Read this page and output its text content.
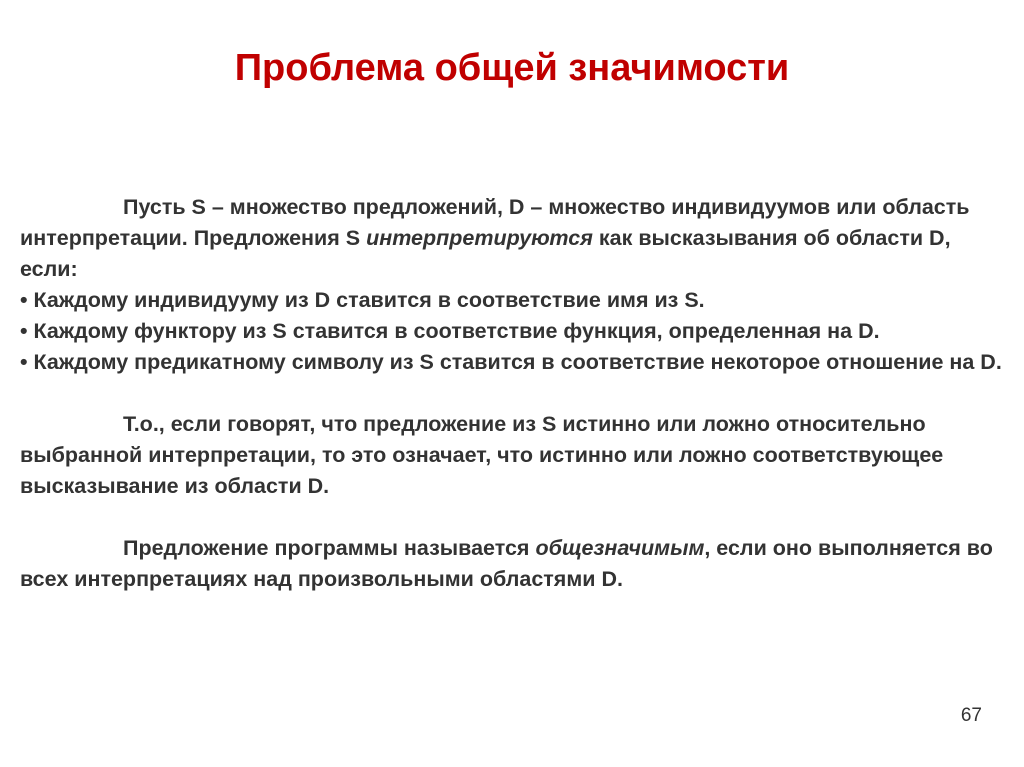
Проблема общей значимости

Пусть S – множество предложений, D – множество индивидуумов или область интерпретации. Предложения S интерпретируются как высказывания об области D, если:

• Каждому индивидууму из D ставится в соответствие имя из S.

• Каждому функтору из S ставится в соответствие функция, определенная на D.

• Каждому предикатному символу из S ставится в соответствие некоторое отношение на D.

Т.о., если говорят, что предложение из S истинно или ложно относительно выбранной интерпретации, то это означает, что истинно или ложно соответствующее высказывание из области D.

Предложение программы называется общезначимым, если оно выполняется во всех интерпретациях над произвольными областями D.

67
